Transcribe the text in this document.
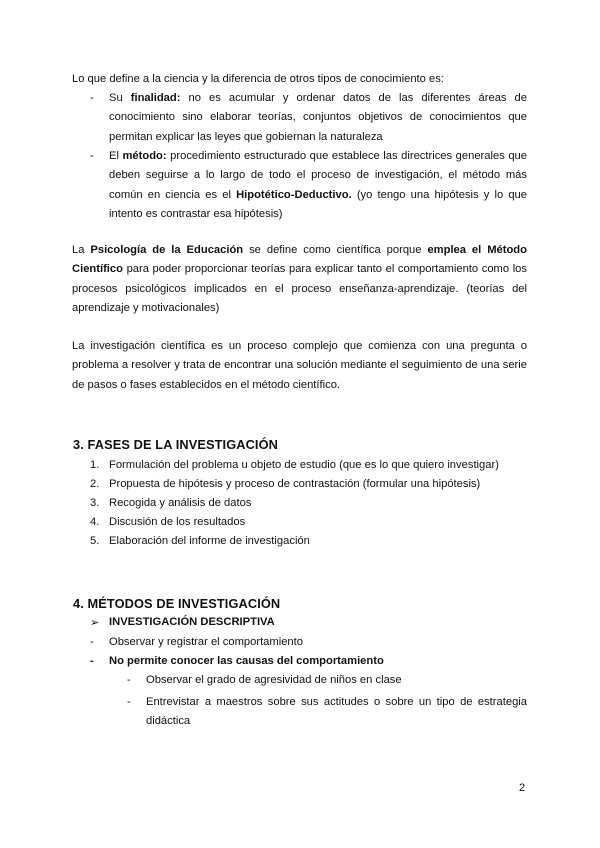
Lo que define a la ciencia y la diferencia de otros tipos de conocimiento es:

- Su finalidad: no es acumular y ordenar datos de las diferentes áreas de conocimiento sino elaborar teorías, conjuntos objetivos de conocimientos que permitan explicar las leyes que gobiernan la naturaleza

- El método: procedimiento estructurado que establece las directrices generales que deben seguirse a lo largo de todo el proceso de investigación, el método más común en ciencia es el Hipotético-Deductivo. (yo tengo una hipótesis y lo que intento es contrastar esa hipótesis)

La Psicología de la Educación se define como científica porque emplea el Método Científico para poder proporcionar teorías para explicar tanto el comportamiento como los procesos psicológicos implicados en el proceso enseñanza-aprendizaje. (teorías del aprendizaje y motivacionales)

La investigación científica es un proceso complejo que comienza con una pregunta o problema a resolver y trata de encontrar una solución mediante el seguimiento de una serie de pasos o fases establecidos en el método científico.

3. FASES DE LA INVESTIGACIÓN
1. Formulación del problema u objeto de estudio (que es lo que quiero investigar)
2. Propuesta de hipótesis y proceso de contrastación (formular una hipótesis)
3. Recogida y análisis de datos
4. Discusión de los resultados
5. Elaboración del informe de investigación
4. MÉTODOS DE INVESTIGACIÓN
➢ INVESTIGACIÓN DESCRIPTIVA
- Observar y registrar el comportamiento
- No permite conocer las causas del comportamiento
- Observar el grado de agresividad de niños en clase
- Entrevistar a maestros sobre sus actitudes o sobre un tipo de estrategia didáctica

2
